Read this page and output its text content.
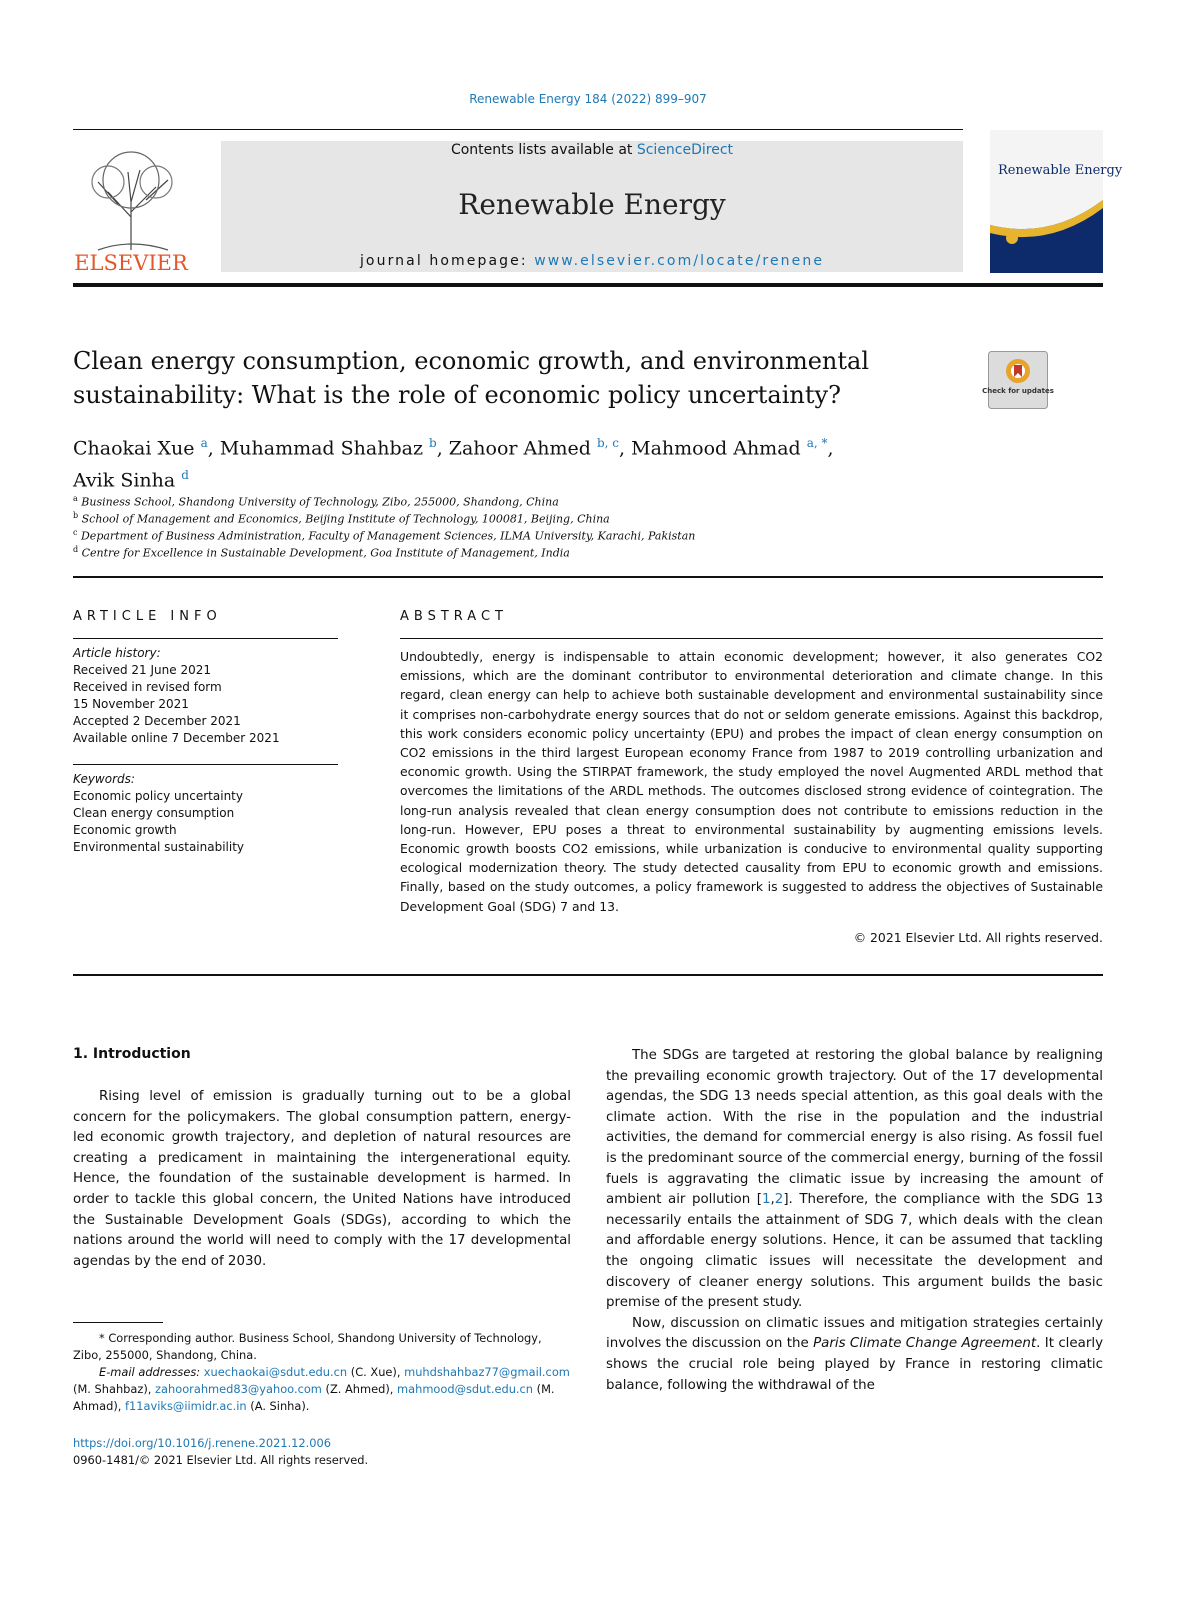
Renewable Energy 184 (2022) 899–907
ELSEVIER
Contents lists available at ScienceDirect
Renewable Energy
journal homepage: www.elsevier.com/locate/renene
Renewable Energy
Clean energy consumption, economic growth, and environmental sustainability: What is the role of economic policy uncertainty?	Check for updates
Chaokai Xue $^a$, Muhammad Shahbaz $^b$, Zahoor Ahmed $^{b, c}$, Mahmood Ahmad $^{a, *}$,
Avik Sinha $^d$
$^a$ Business School, Shandong University of Technology, Zibo, 255000, Shandong, China
$^b$ School of Management and Economics, Beijing Institute of Technology, 100081, Beijing, China
$^c$ Department of Business Administration, Faculty of Management Sciences, ILMA University, Karachi, Pakistan
$^d$ Centre for Excellence in Sustainable Development, Goa Institute of Management, India
ARTICLE INFO	ABSTRACT
Article history:
Received 21 June 2021
Received in revised form
15 November 2021
Accepted 2 December 2021
Available online 7 December 2021
Keywords:
Economic policy uncertainty
Clean energy consumption
Economic growth
Environmental sustainability
Undoubtedly, energy is indispensable to attain economic development; however, it also generates CO2 emissions, which are the dominant contributor to environmental deterioration and climate change. In this regard, clean energy can help to achieve both sustainable development and environmental sustainability since it comprises non-carbohydrate energy sources that do not or seldom generate emissions. Against this backdrop, this work considers economic policy uncertainty (EPU) and probes the impact of clean energy consumption on CO2 emissions in the third largest European economy France from 1987 to 2019 controlling urbanization and economic growth. Using the STIRPAT framework, the study employed the novel Augmented ARDL method that overcomes the limitations of the ARDL methods. The outcomes disclosed strong evidence of cointegration. The long-run analysis revealed that clean energy consumption does not contribute to emissions reduction in the long-run. However, EPU poses a threat to environmental sustainability by augmenting emissions levels. Economic growth boosts CO2 emissions, while urbanization is conducive to environmental quality supporting ecological modernization theory. The study detected causality from EPU to economic growth and emissions. Finally, based on the study outcomes, a policy framework is suggested to address the objectives of Sustainable Development Goal (SDG) 7 and 13.
© 2021 Elsevier Ltd. All rights reserved.
1. Introduction

Rising level of emission is gradually turning out to be a global concern for the policymakers. The global consumption pattern, energy-led economic growth trajectory, and depletion of natural resources are creating a predicament in maintaining the intergenerational equity. Hence, the foundation of the sustainable development is harmed. In order to tackle this global concern, the United Nations have introduced the Sustainable Development Goals (SDGs), according to which the nations around the world will need to comply with the 17 developmental agendas by the end of 2030.

The SDGs are targeted at restoring the global balance by realigning the prevailing economic growth trajectory. Out of the 17 developmental agendas, the SDG 13 needs special attention, as this goal deals with the climate action. With the rise in the population and the industrial activities, the demand for commercial energy is also rising. As fossil fuel is the predominant source of the commercial energy, burning of the fossil fuels is aggravating the climatic issue by increasing the amount of ambient air pollution [1,2]. Therefore, the compliance with the SDG 13 necessarily entails the attainment of SDG 7, which deals with the clean and affordable energy solutions. Hence, it can be assumed that tackling the ongoing climatic issues will necessitate the development and discovery of cleaner energy solutions. This argument builds the basic premise of the present study.

Now, discussion on climatic issues and mitigation strategies certainly involves the discussion on the Paris Climate Change Agreement. It clearly shows the crucial role being played by France in restoring climatic balance, following the withdrawal of the

* Corresponding author. Business School, Shandong University of Technology, Zibo, 255000, Shandong, China.

E-mail addresses: xuechaokai@sdut.edu.cn (C. Xue), muhdshahbaz77@gmail.com (M. Shahbaz), zahoorahmed83@yahoo.com (Z. Ahmed), mahmood@sdut.edu.cn (M. Ahmad), f11aviks@iimidr.ac.in (A. Sinha).

https://doi.org/10.1016/j.renene.2021.12.006
0960-1481/© 2021 Elsevier Ltd. All rights reserved.
